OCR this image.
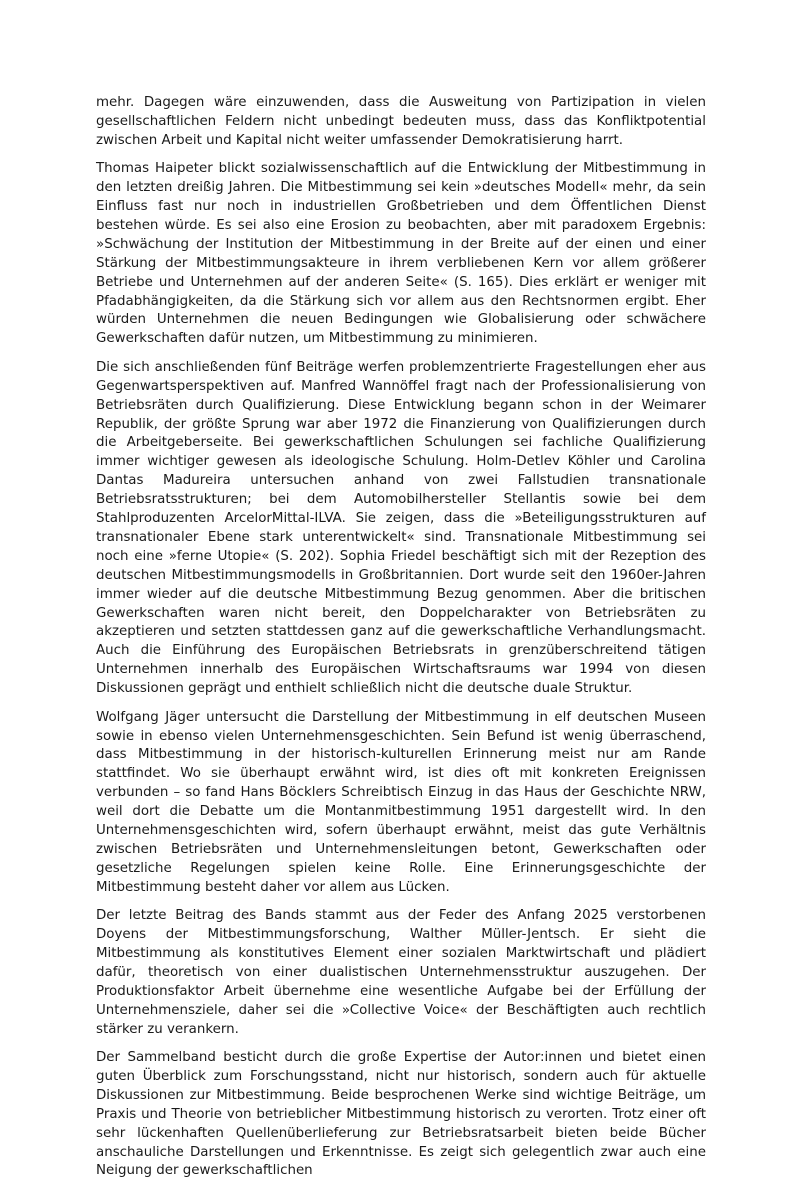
mehr. Dagegen wäre einzuwenden, dass die Ausweitung von Partizipation in vielen gesellschaftlichen Feldern nicht unbedingt bedeuten muss, dass das Konfliktpotential zwischen Arbeit und Kapital nicht weiter umfassender Demokratisierung harrt.

Thomas Haipeter blickt sozialwissenschaftlich auf die Entwicklung der Mitbestimmung in den letzten dreißig Jahren. Die Mitbestimmung sei kein »deutsches Modell« mehr, da sein Einfluss fast nur noch in industriellen Großbetrieben und dem Öffentlichen Dienst bestehen würde. Es sei also eine Erosion zu beobachten, aber mit paradoxem Ergebnis: »Schwächung der Institution der Mitbestimmung in der Breite auf der einen und einer Stärkung der Mitbestimmungsakteure in ihrem verbliebenen Kern vor allem größerer Betriebe und Unternehmen auf der anderen Seite« (S. 165). Dies erklärt er weniger mit Pfadabhängigkeiten, da die Stärkung sich vor allem aus den Rechtsnormen ergibt. Eher würden Unternehmen die neuen Bedingungen wie Globalisierung oder schwächere Gewerkschaften dafür nutzen, um Mitbestimmung zu minimieren.

Die sich anschließenden fünf Beiträge werfen problemzentrierte Fragestellungen eher aus Gegenwartsperspektiven auf. Manfred Wannöffel fragt nach der Professionalisierung von Betriebsräten durch Qualifizierung. Diese Entwicklung begann schon in der Weimarer Republik, der größte Sprung war aber 1972 die Finanzierung von Qualifizierungen durch die Arbeitgeberseite. Bei gewerkschaftlichen Schulungen sei fachliche Qualifizierung immer wichtiger gewesen als ideologische Schulung. Holm-Detlev Köhler und Carolina Dantas Madureira untersuchen anhand von zwei Fallstudien transnationale Betriebsratsstrukturen; bei dem Automobilhersteller Stellantis sowie bei dem Stahlproduzenten ArcelorMittal-ILVA. Sie zeigen, dass die »Beteiligungsstrukturen auf transnationaler Ebene stark unterentwickelt« sind. Transnationale Mitbestimmung sei noch eine »ferne Utopie« (S. 202). Sophia Friedel beschäftigt sich mit der Rezeption des deutschen Mitbestimmungsmodells in Großbritannien. Dort wurde seit den 1960er-Jahren immer wieder auf die deutsche Mitbestimmung Bezug genommen. Aber die britischen Gewerkschaften waren nicht bereit, den Doppelcharakter von Betriebsräten zu akzeptieren und setzten stattdessen ganz auf die gewerkschaftliche Verhandlungsmacht. Auch die Einführung des Europäischen Betriebsrats in grenzüberschreitend tätigen Unternehmen innerhalb des Europäischen Wirtschaftsraums war 1994 von diesen Diskussionen geprägt und enthielt schließlich nicht die deutsche duale Struktur.

Wolfgang Jäger untersucht die Darstellung der Mitbestimmung in elf deutschen Museen sowie in ebenso vielen Unternehmensgeschichten. Sein Befund ist wenig überraschend, dass Mitbestimmung in der historisch-kulturellen Erinnerung meist nur am Rande stattfindet. Wo sie überhaupt erwähnt wird, ist dies oft mit konkreten Ereignissen verbunden – so fand Hans Böcklers Schreibtisch Einzug in das Haus der Geschichte NRW, weil dort die Debatte um die Montanmitbestimmung 1951 dargestellt wird. In den Unternehmensgeschichten wird, sofern überhaupt erwähnt, meist das gute Verhältnis zwischen Betriebsräten und Unternehmensleitungen betont, Gewerkschaften oder gesetzliche Regelungen spielen keine Rolle. Eine Erinnerungsgeschichte der Mitbestimmung besteht daher vor allem aus Lücken.

Der letzte Beitrag des Bands stammt aus der Feder des Anfang 2025 verstorbenen Doyens der Mitbestimmungsforschung, Walther Müller-Jentsch. Er sieht die Mitbestimmung als konstitutives Element einer sozialen Marktwirtschaft und plädiert dafür, theoretisch von einer dualistischen Unternehmensstruktur auszugehen. Der Produktionsfaktor Arbeit übernehme eine wesentliche Aufgabe bei der Erfüllung der Unternehmensziele, daher sei die »Collective Voice« der Beschäftigten auch rechtlich stärker zu verankern.

Der Sammelband besticht durch die große Expertise der Autor:innen und bietet einen guten Überblick zum Forschungsstand, nicht nur historisch, sondern auch für aktuelle Diskussionen zur Mitbestimmung. Beide besprochenen Werke sind wichtige Beiträge, um Praxis und Theorie von betrieblicher Mitbestimmung historisch zu verorten. Trotz einer oft sehr lückenhaften Quellenüberlieferung zur Betriebsratsarbeit bieten beide Bücher anschauliche Darstellungen und Erkenntnisse. Es zeigt sich gelegentlich zwar auch eine Neigung der gewerkschaftlichen
